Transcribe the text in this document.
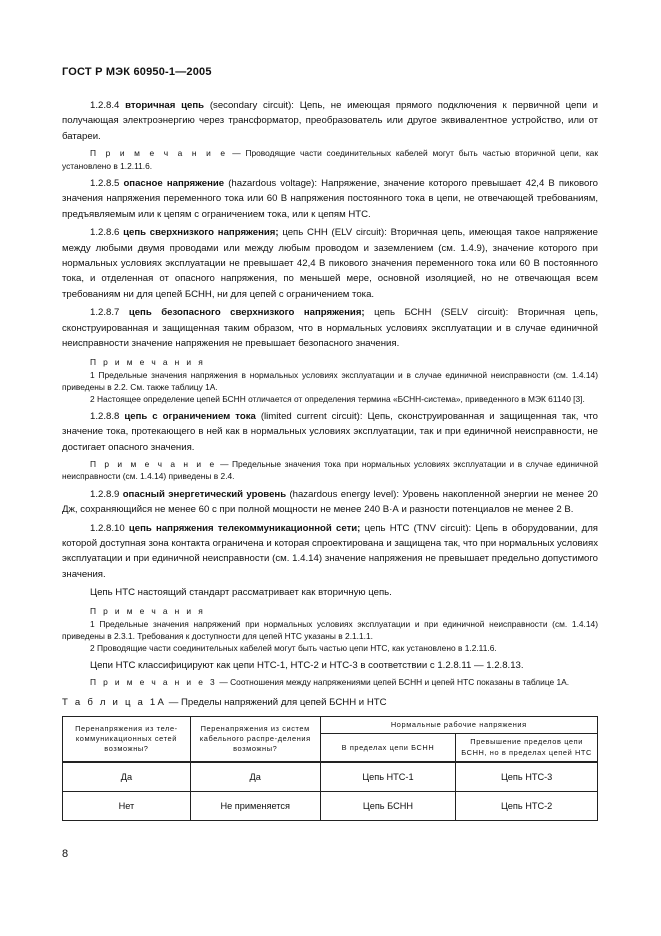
ГОСТ Р МЭК 60950-1—2005

1.2.8.4 вторичная цепь (secondary circuit): Цепь, не имеющая прямого подключения к первичной цепи и получающая электроэнергию через трансформатор, преобразователь или другое эквивалентное устройство, или от батареи.

П р и м е ч а н и е — Проводящие части соединительных кабелей могут быть частью вторичной цепи, как установлено в 1.2.11.6.

1.2.8.5 опасное напряжение (hazardous voltage): Напряжение, значение которого превышает 42,4 В пикового значения напряжения переменного тока или 60 В напряжения постоянного тока в цепи, не отвечающей требованиям, предъявляемым или к цепям с ограничением тока, или к цепям НТС.

1.2.8.6 цепь сверхнизкого напряжения; цепь СНН (ELV circuit): Вторичная цепь, имеющая такое напряжение между любыми двумя проводами или между любым проводом и заземлением (см. 1.4.9), значение которого при нормальных условиях эксплуатации не превышает 42,4 В пикового значения переменного тока или 60 В постоянного тока, и отделенная от опасного напряжения, по меньшей мере, основной изоляцией, но не отвечающая всем требованиям ни для цепей БСНН, ни для цепей с ограничением тока.

1.2.8.7 цепь безопасного сверхнизкого напряжения; цепь БСНН (SELV circuit): Вторичная цепь, сконструированная и защищенная таким образом, что в нормальных условиях эксплуатации и в случае единичной неисправности значение напряжения не превышает безопасного значения.

П р и м е ч а н и я

1 Предельные значения напряжения в нормальных условиях эксплуатации и в случае единичной неисправности (см. 1.4.14) приведены в 2.2. См. также таблицу 1А.

2 Настоящее определение цепей БСНН отличается от определения термина «БСНН-система», приведенного в МЭК 61140 [3].

1.2.8.8 цепь с ограничением тока (limited current circuit): Цепь, сконструированная и защищенная так, что значение тока, протекающего в ней как в нормальных условиях эксплуатации, так и при единичной неисправности, не достигает опасного значения.

П р и м е ч а н и е — Предельные значения тока при нормальных условиях эксплуатации и в случае единичной неисправности (см. 1.4.14) приведены в 2.4.

1.2.8.9 опасный энергетический уровень (hazardous energy level): Уровень накопленной энергии не менее 20 Дж, сохраняющийся не менее 60 с при полной мощности не менее 240 В·А и разности потенциалов не менее 2 В.

1.2.8.10 цепь напряжения телекоммуникационной сети; цепь НТС (TNV circuit): Цепь в оборудовании, для которой доступная зона контакта ограничена и которая спроектирована и защищена так, что при нормальных условиях эксплуатации и при единичной неисправности (см. 1.4.14) значение напряжения не превышает предельно допустимого значения.

Цепь НТС настоящий стандарт рассматривает как вторичную цепь.

П р и м е ч а н и я

1 Предельные значения напряжений при нормальных условиях эксплуатации и при единичной неисправности (см. 1.4.14) приведены в 2.3.1. Требования к доступности для цепей НТС указаны в 2.1.1.1.

2 Проводящие части соединительных кабелей могут быть частью цепи НТС, как установлено в 1.2.11.6.

Цепи НТС классифицируют как цепи НТС-1, НТС-2 и НТС-3 в соответствии с 1.2.8.11 — 1.2.8.13.

П р и м е ч а н и е 3 — Соотношения между напряжениями цепей БСНН и цепей НТС показаны в таблице 1А.

Т а б л и ц а 1А — Пределы напряжений для цепей БСНН и НТС

Перенапряжения из теле-коммуникационных сетей возможны?	Перенапряжения из систем кабельного распре-деления возможны?	Нормальные рабочие напряжения	
		В пределах цепи БСНН	Превышение пределов цепи БСНН, но в пределах цепей НТС
Да	Да	Цепь НТС-1	Цепь НТС-3
Нет	Не применяется	Цепь БСНН	Цепь НТС-2
8
